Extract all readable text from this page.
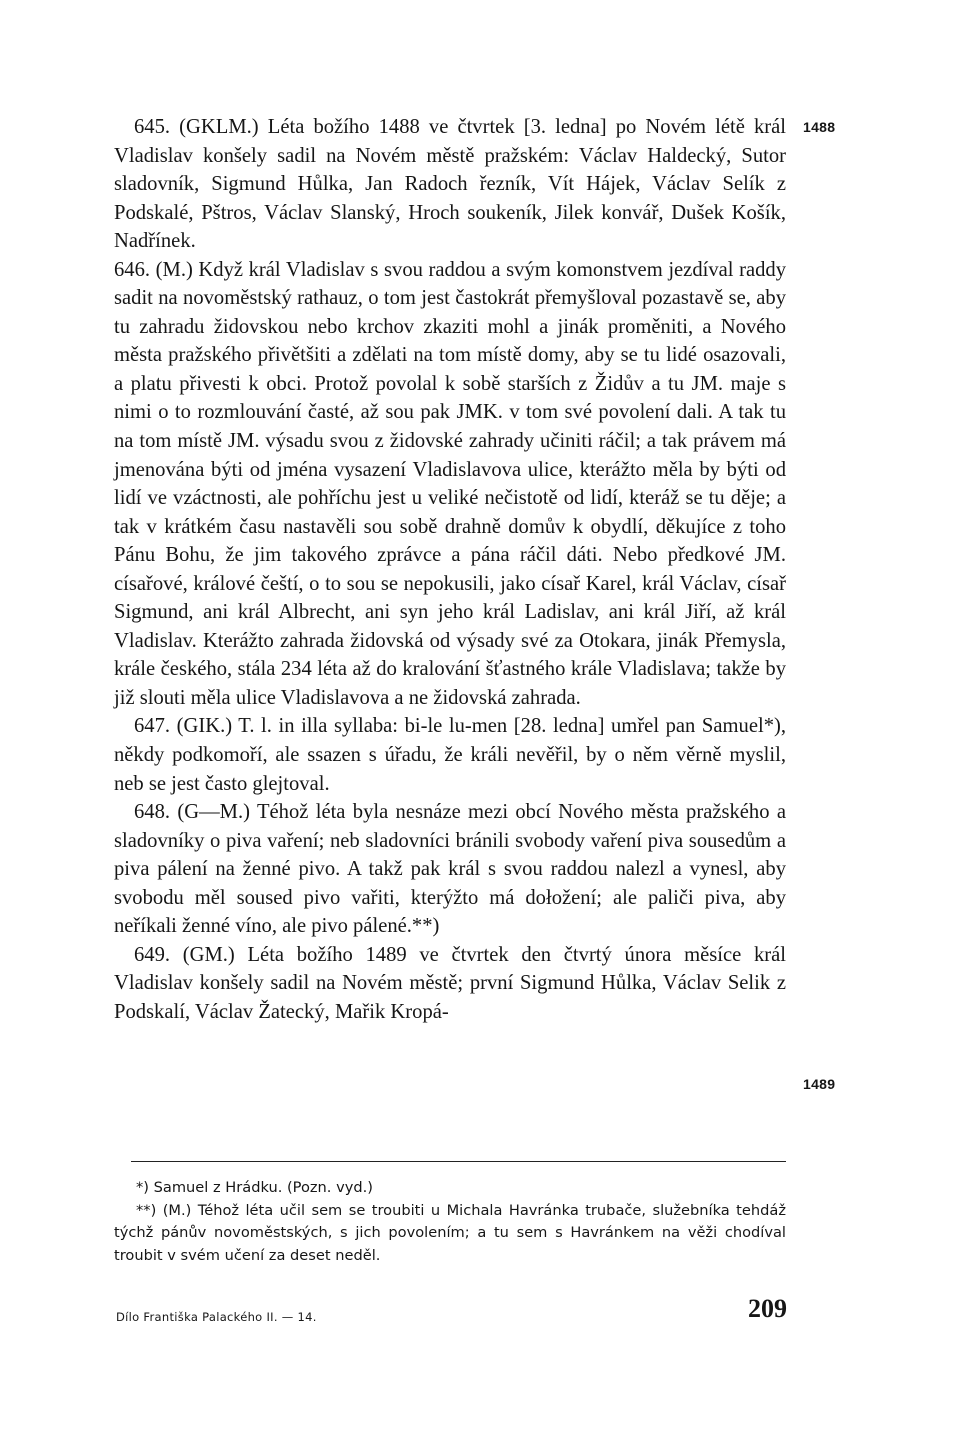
645. (GKLM.) Léta božího 1488 ve čtvrtek [3. ledna] po Novém létě král Vladislav konšely sadil na Novém městě pražském: Václav Haldecký, Sutor sladovník, Sigmund Hůlka, Jan Radoch řezník, Vít Hájek, Václav Selík z Podskalé, Pštros, Václav Slanský, Hroch soukeník, Jilek konvář, Dušek Košík, Nadřínek.

646. (M.) Když král Vladislav s svou raddou a svým komonstvem jezdíval raddy sadit na novoměstský rathauz, o tom jest častokrát přemyšloval pozastavě se, aby tu zahradu židovskou nebo krchov zkaziti mohl a jinák proměniti, a Nového města pražského přivětšiti a zdělati na tom místě domy, aby se tu lidé osazovali, a platu přivesti k obci. Protož povolal k sobě starších z Židův a tu JM. maje s nimi o to rozmlouvání časté, až sou pak JMK. v tom své povolení dali. A tak tu na tom místě JM. výsadu svou z židovské zahrady učiniti ráčil; a tak právem má jmenována býti od jména vysazení Vladislavova ulice, kterážto měla by býti od lidí ve vzáctnosti, ale pohříchu jest u veliké nečistotě od lidí, kteráž se tu děje; a tak v krátkém času nastavěli sou sobě drahně domův k obydlí, děkujíce z toho Pánu Bohu, že jim takového zprávce a pána ráčil dáti. Nebo předkové JM. císařové, králové čeští, o to sou se nepokusili, jako císař Karel, král Václav, císař Sigmund, ani král Albrecht, ani syn jeho král Ladislav, ani král Jiří, až král Vladislav. Kterážto zahrada židovská od výsady své za Otokara, jinák Přemysla, krále českého, stála 234 léta až do kralování šťastného krále Vladislava; takže by již slouti měla ulice Vladislavova a ne židovská zahrada.

647. (GIK.) T. l. in illa syllaba: bi-le lu-men [28. ledna] umřel pan Samuel*), někdy podkomoří, ale ssazen s úřadu, že králi nevěřil, by o něm věrně myslil, neb se jest často glejtoval.

648. (G—M.) Téhož léta byla nesnáze mezi obcí Nového města pražského a sladovníky o piva vaření; neb sladovníci bránili svobody vaření piva sousedům a piva pálení na ženné pivo. A takž pak král s svou raddou nalezl a vynesl, aby svobodu měl soused pivo vařiti, kterýžto má dołožení; ale paliči piva, aby neříkali ženné víno, ale pivo pálené.**)

649. (GM.) Léta božího 1489 ve čtvrtek den čtvrtý února měsíce král Vladislav konšely sadil na Novém městě; první Sigmund Hůlka, Václav Selik z Podskalí, Václav Žatecký, Mařik Kropá-

1488
1489

*) Samuel z Hrádku. (Pozn. vyd.)

**) (M.) Téhož léta učil sem se troubiti u Michala Havránka trubače, služebníka tehdáž týchž pánův novoměstských, s jich povolením; a tu sem s Havránkem na věži chodíval troubit v svém učení za deset neděl.

Dílo Františka Palackého II. — 14.	209
